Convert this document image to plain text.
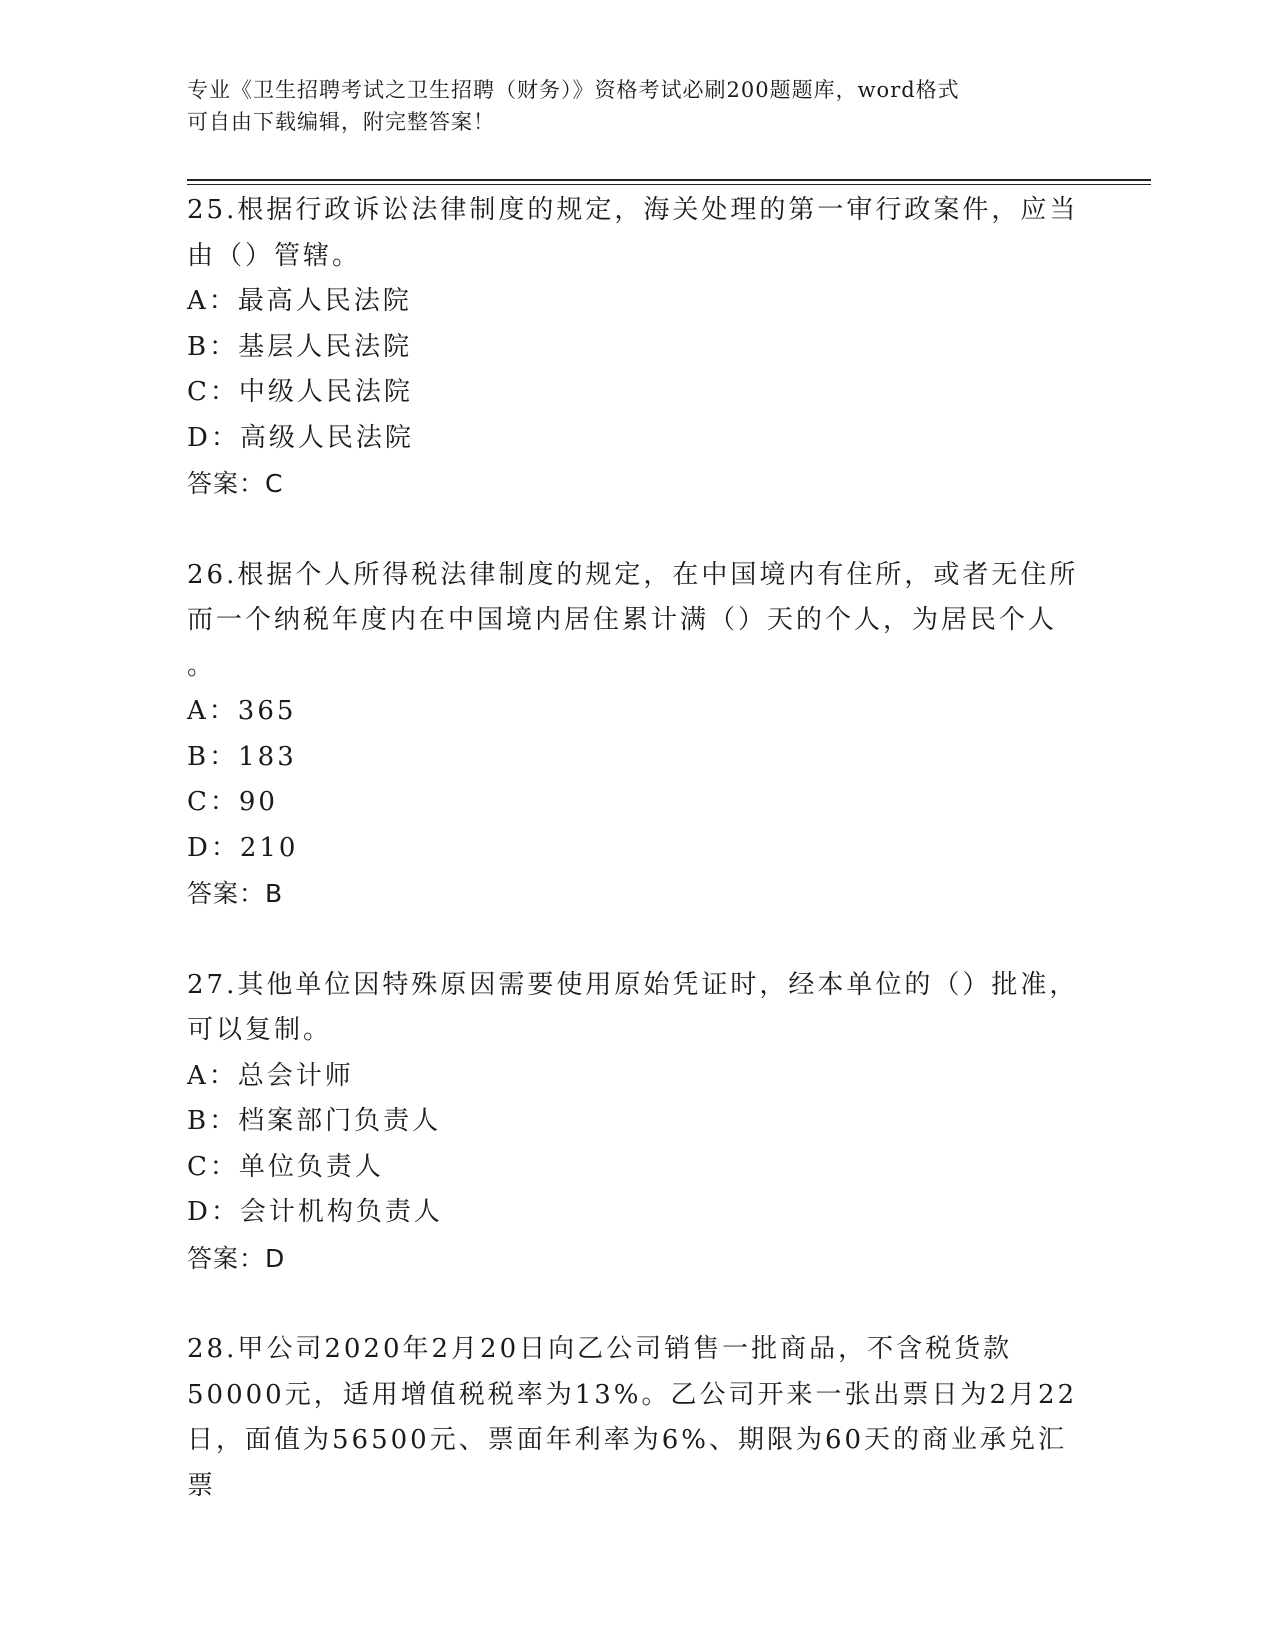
专业《卫生招聘考试之卫生招聘（财务）》资格考试必刷200题题库，word格式
可自由下载编辑，附完整答案！

25.根据行政诉讼法律制度的规定，海关处理的第一审行政案件，应当

由（）管辖。

A：最高人民法院

B：基层人民法院

C：中级人民法院

D：高级人民法院

答案：C

26.根据个人所得税法律制度的规定，在中国境内有住所，或者无住所

而一个纳税年度内在中国境内居住累计满（）天的个人，为居民个人

。

A：365

B：183

C：90

D：210

答案：B

27.其他单位因特殊原因需要使用原始凭证时，经本单位的（）批准，

可以复制。

A：总会计师

B：档案部门负责人

C：单位负责人

D：会计机构负责人

答案：D

28.甲公司2020年2月20日向乙公司销售一批商品，不含税货款

50000元，适用增值税税率为13%。乙公司开来一张出票日为2月22

日，面值为56500元、票面年利率为6%、期限为60天的商业承兑汇票
